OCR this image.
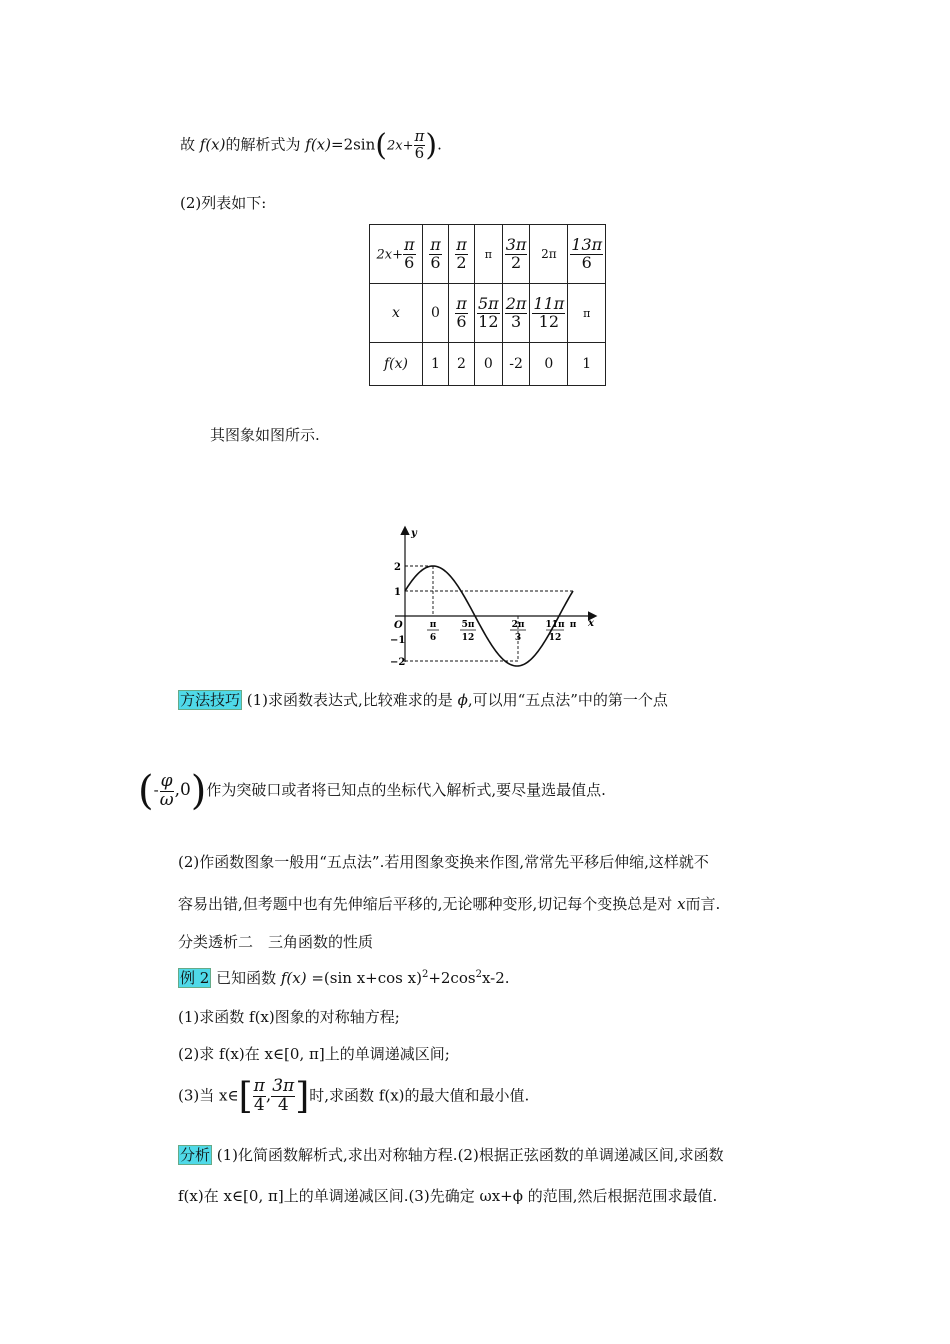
故 f(x)的解析式为 $f(x)=2\sin(2x+ \frac{\pi}{6}$ ).
(2)列表如下:
$2x+ \frac{\pi}{6}$	$\frac{\pi}{6}$	$\frac{\pi}{2}$	π	$\frac{3\pi}{2}$	2π	$\frac{13\pi}{6}$

x	0	$\frac{\pi}{6}$	$\frac{5\pi}{12}$	$\frac{2\pi}{3}$	$\frac{11\pi}{12}$	π
f(x)	1	2	0	-2	0	1
其图象如图所示.
y
x
O
2
1
−1
−2
π
6
5π
12
2π
3
11π
12
π
方法技巧 (1)求函数表达式,比较难求的是 ϕ,可以用“五点法”中的第一个点
(- $\frac{\varphi}{\omega} ,0$)作为突破口或者将已知点的坐标代入解析式,要尽量选最值点.
(2)作函数图象一般用“五点法”.若用图象变换来作图,常常先平移后伸缩,这样就不
容易出错,但考题中也有先伸缩后平移的,无论哪种变形,切记每个变换总是对 x而言.
分类透析二　三角函数的性质
例 2 已知函数 f(x) =(sin x+cos $x)^2+2\cos^2x-2$.
(1)求函数 f(x)图象的对称轴方程;
(2)求 f(x)在 x∈[0, π]上的单调递减区间;
(3)当 x∈[ $\frac{\pi}{4}$ , $\frac{3\pi}{4}$ ]时,求函数 f(x)的最大值和最小值.
分析 (1)化简函数解析式,求出对称轴方程.(2)根据正弦函数的单调递减区间,求函数
f(x)在 x∈[0, π]上的单调递减区间.(3)先确定 ωx+ϕ 的范围,然后根据范围求最值.
